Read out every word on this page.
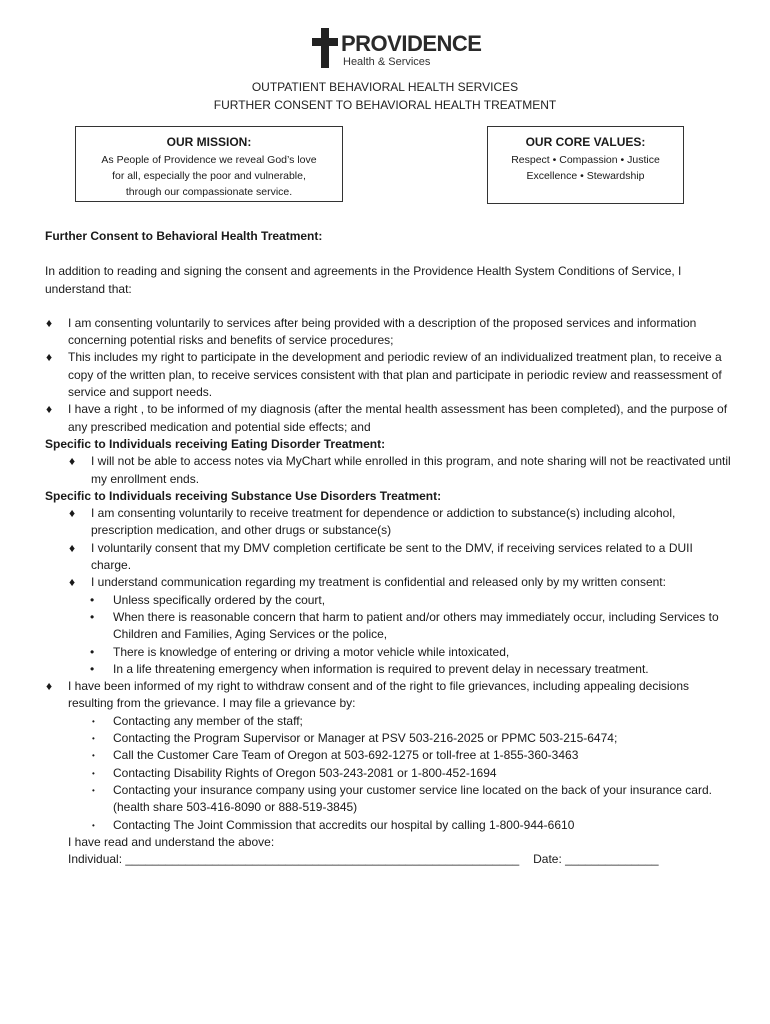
PROVIDENCE
Health & Services
OUTPATIENT BEHAVIORAL HEALTH SERVICES
FURTHER CONSENT TO BEHAVIORAL HEALTH TREATMENT
OUR MISSION:
As People of Providence we reveal God’s love
for all, especially the poor and vulnerable,
through our compassionate service.
OUR CORE VALUES:
Respect • Compassion • Justice
Excellence • Stewardship

Further Consent to Behavioral Health Treatment:

In addition to reading and signing the consent and agreements in the Providence Health System Conditions of Service, I understand that:

♦ I am consenting voluntarily to services after being provided with a description of the proposed services and information concerning potential risks and benefits of service procedures;
♦ This includes my right to participate in the development and periodic review of an individualized treatment plan, to receive a copy of the written plan, to receive services consistent with that plan and participate in periodic review and reassessment of service and support needs.
♦ I have a right , to be informed of my diagnosis (after the mental health assessment has been completed), and the purpose of any prescribed medication and potential side effects; and

Specific to Individuals receiving Eating Disorder Treatment:

♦ I will not be able to access notes via MyChart while enrolled in this program, and note sharing will not be reactivated until my enrollment ends.

Specific to Individuals receiving Substance Use Disorders Treatment:

♦ I am consenting voluntarily to receive treatment for dependence or addiction to substance(s) including alcohol, prescription medication, and other drugs or substance(s)
♦ I voluntarily consent that my DMV completion certificate be sent to the DMV, if receiving services related to a DUII charge.
♦ I understand communication regarding my treatment is confidential and released only by my written consent:
• Unless specifically ordered by the court,
• When there is reasonable concern that harm to patient and/or others may immediately occur, including Services to Children and Families, Aging Services or the police,
• There is knowledge of entering or driving a motor vehicle while intoxicated,
• In a life threatening emergency when information is required to prevent delay in necessary treatment.
♦ I have been informed of my right to withdraw consent and of the right to file grievances, including appealing decisions resulting from the grievance. I may file a grievance by:
• Contacting any member of the staff;
• Contacting the Program Supervisor or Manager at PSV 503-216-2025 or PPMC 503-215-6474;
• Call the Customer Care Team of Oregon at 503-692-1275 or toll-free at 1-855-360-3463
• Contacting Disability Rights of Oregon 503-243-2081 or 1-800-452-1694
• Contacting your insurance company using your customer service line located on the back of your insurance card. (health share 503-416-8090 or 888-519-3845)
• Contacting The Joint Commission that accredits our hospital by calling 1-800-944-6610

I have read and understand the above:

Individual: ___________________________________________________________ Date: ______________
